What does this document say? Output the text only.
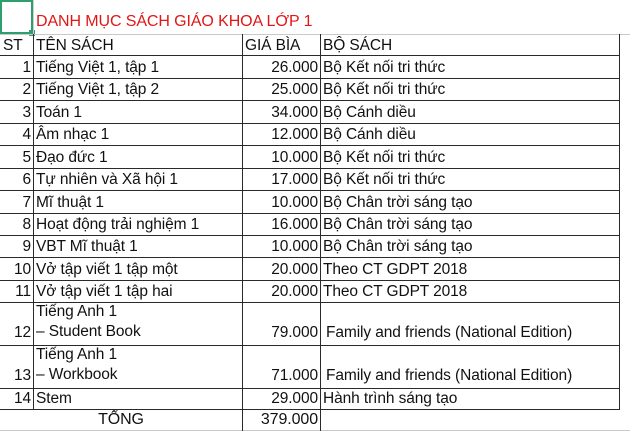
DANH MỤC SÁCH GIÁO KHOA LỚP 1
ST TÊN SÁCH	GIÁ BÌA	BỘ SÁCH
1 Tiếng Việt 1, tập 1	26.000 Bộ Kết nối tri thức
2 Tiếng Việt 1, tập 2	25.000 Bộ Kết nối tri thức
3 Toán 1	34.000 Bộ Cánh diều
4 Âm nhạc 1	12.000 Bộ Cánh diều
5 Đạo đức 1	10.000 Bộ Kết nối tri thức
6 Tự nhiên và Xã hội 1	17.000 Bộ Kết nối tri thức
7 Mĩ thuật 1	10.000 Bộ Chân trời sáng tạo
8 Hoạt động trải nghiệm 1	16.000 Bộ Chân trời sáng tạo
9 VBT Mĩ thuật 1	10.000 Bộ Chân trời sáng tạo
10 Vở tập viết 1 tập một	20.000 Theo CT GDPT 2018
11 Vở tập viết 1 tập hai	20.000 Theo CT GDPT 2018
12
Tiếng Anh 1
– Student Book	79.000 Family and friends (National Edition)
13
Tiếng Anh 1
– Workbook	71.000 Family and friends (National Edition)
14 Stem	29.000 Hành trình sáng tạo
TỔNG	379.000
